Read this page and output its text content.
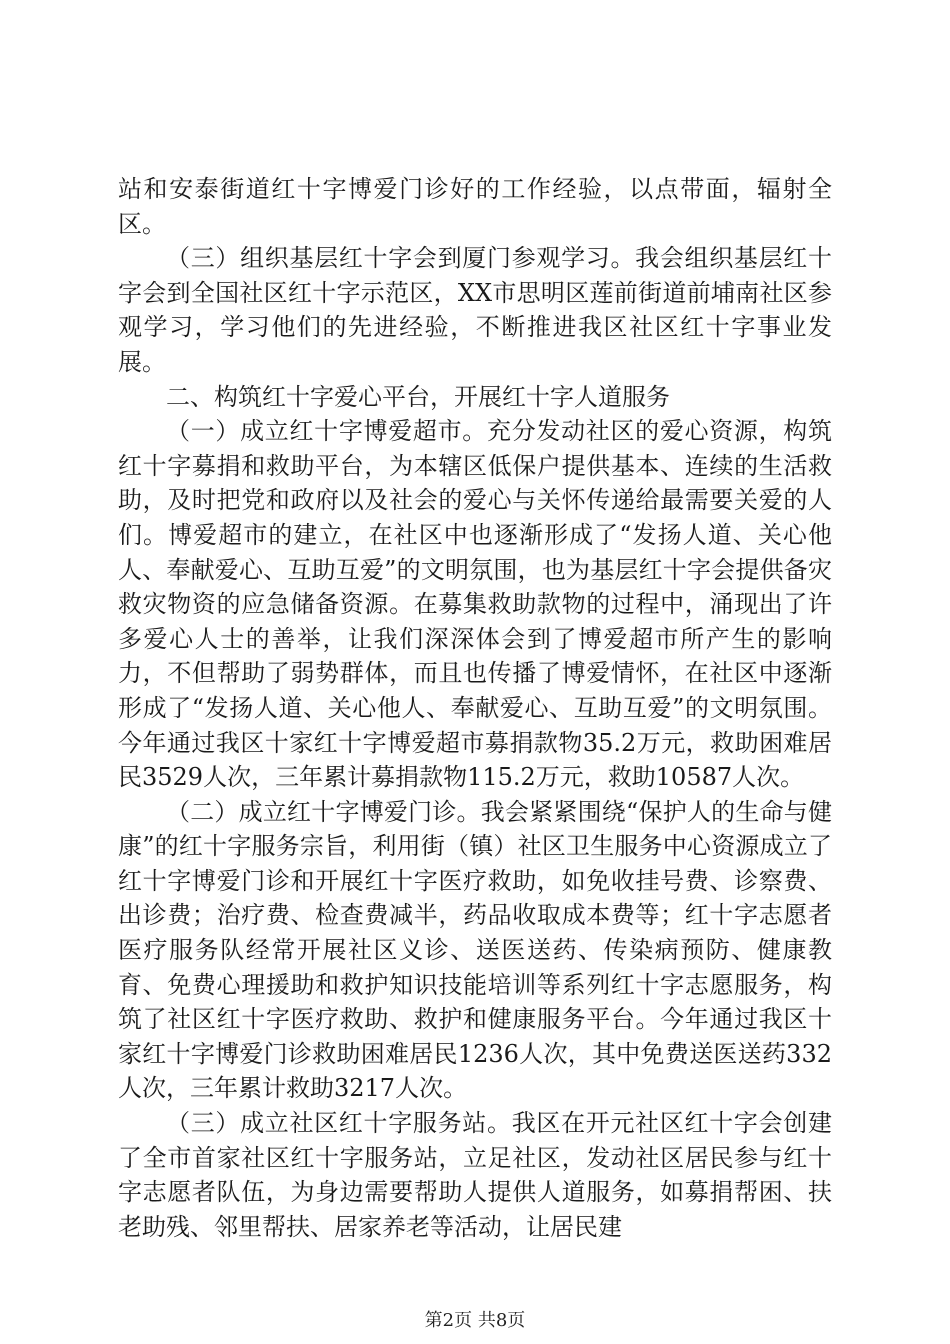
站和安泰街道红十字博爱门诊好的工作经验，以点带面，辐射全区。

（三）组织基层红十字会到厦门参观学习。我会组织基层红十字会到全国社区红十字示范区，XX市思明区莲前街道前埔南社区参观学习，学习他们的先进经验，不断推进我区社区红十字事业发展。

二、构筑红十字爱心平台，开展红十字人道服务

（一）成立红十字博爱超市。充分发动社区的爱心资源，构筑红十字募捐和救助平台，为本辖区低保户提供基本、连续的生活救助，及时把党和政府以及社会的爱心与关怀传递给最需要关爱的人们。博爱超市的建立，在社区中也逐渐形成了“发扬人道、关心他人、奉献爱心、互助互爱”的文明氛围，也为基层红十字会提供备灾救灾物资的应急储备资源。在募集救助款物的过程中，涌现出了许多爱心人士的善举，让我们深深体会到了博爱超市所产生的影响力，不但帮助了弱势群体，而且也传播了博爱情怀，在社区中逐渐形成了“发扬人道、关心他人、奉献爱心、互助互爱”的文明氛围。今年通过我区十家红十字博爱超市募捐款物35.2万元，救助困难居民3529人次，三年累计募捐款物115.2万元，救助10587人次。

（二）成立红十字博爱门诊。我会紧紧围绕“保护人的生命与健康”的红十字服务宗旨，利用街（镇）社区卫生服务中心资源成立了红十字博爱门诊和开展红十字医疗救助，如免收挂号费、诊察费、出诊费；治疗费、检查费减半，药品收取成本费等；红十字志愿者医疗服务队经常开展社区义诊、送医送药、传染病预防、健康教育、免费心理援助和救护知识技能培训等系列红十字志愿服务，构筑了社区红十字医疗救助、救护和健康服务平台。今年通过我区十家红十字博爱门诊救助困难居民1236人次，其中免费送医送药332人次，三年累计救助3217人次。

（三）成立社区红十字服务站。我区在开元社区红十字会创建了全市首家社区红十字服务站，立足社区，发动社区居民参与红十字志愿者队伍，为身边需要帮助人提供人道服务，如募捐帮困、扶老助残、邻里帮扶、居家养老等活动，让居民建

第2页 共8页
